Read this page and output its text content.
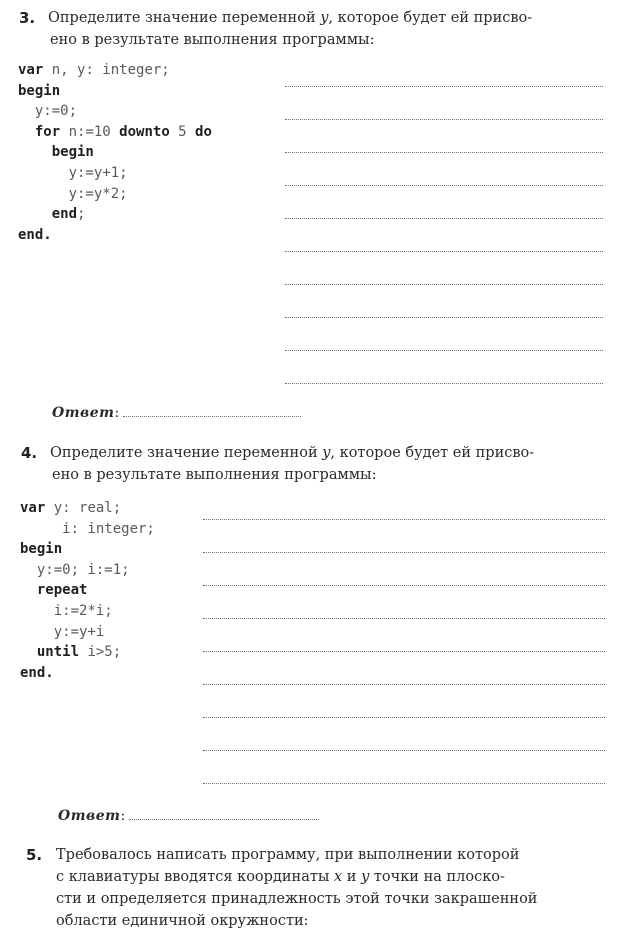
3. Определите значение переменной y, которое будет ей присво-
ено в результате выполнения программы:
var n, y: integer;
begin
y:=0;
for n:=10 downto 5 do
begin
y:=y+1;
y:=y*2;
end;
end.
Ответ:
4. Определите значение переменной y, которое будет ей присво-
ено в результате выполнения программы:
var y: real;
i: integer;
begin
y:=0; i:=1;
repeat
i:=2*i;
y:=y+i
until i>5;
end.
Ответ:
5. Требовалось написать программу, при выполнении которой
с клавиатуры вводятся координаты x и y точки на плоско-
сти и определяется принадлежность этой точки закрашенной
области единичной окружности:
